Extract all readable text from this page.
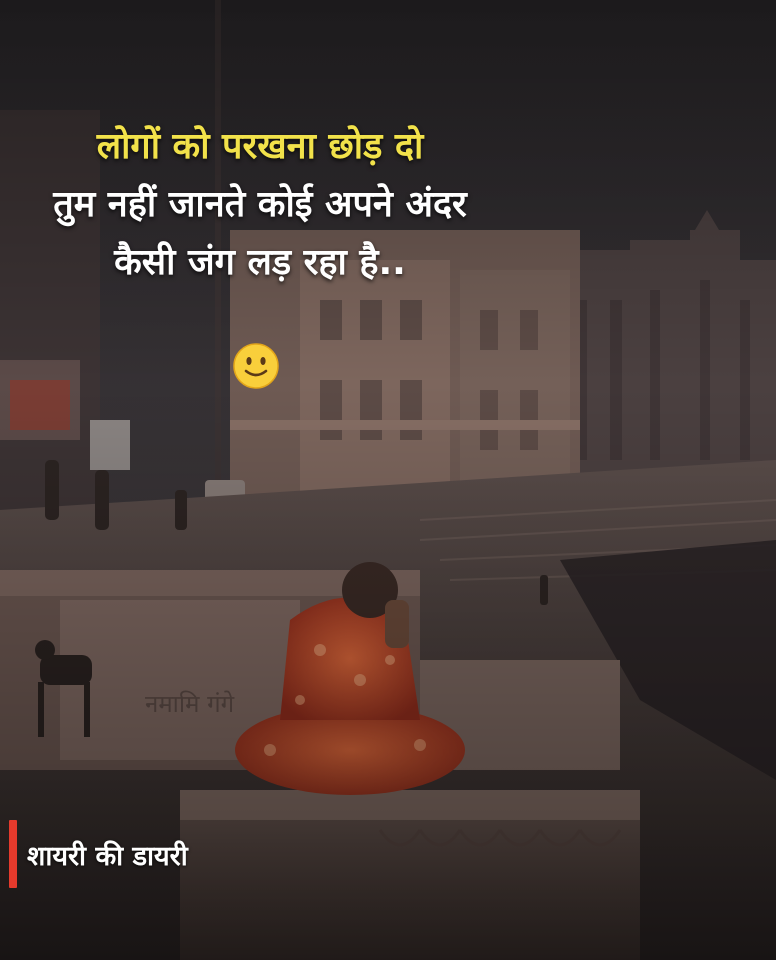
लोगों को परखना छोड़ दो
तुम नहीं जानते कोई अपने अंदर
कैसी जंग लड़ रहा है..
शायरी की डायरी
